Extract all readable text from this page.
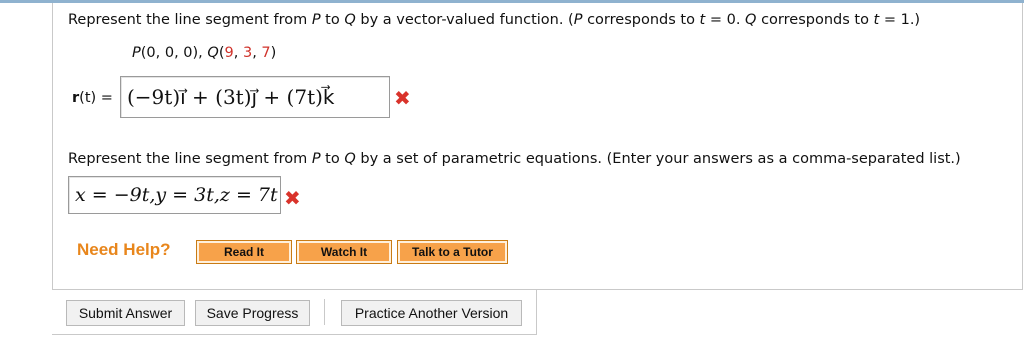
Represent the line segment from P to Q by a vector-valued function. (P corresponds to t = 0. Q corresponds to t = 1.)
P(0, 0, 0), Q(9, 3, 7)
r(t) = (−9t)i⃗ + (3t)j⃗ + (7t)k⃗	✖
Represent the line segment from P to Q by a set of parametric equations. (Enter your answers as a comma-separated list.)
x = −9t,y = 3t,z = 7t ✖
Need Help?	Read It	Watch It	Talk to a Tutor
Submit Answer	Save Progress	Practice Another Version
